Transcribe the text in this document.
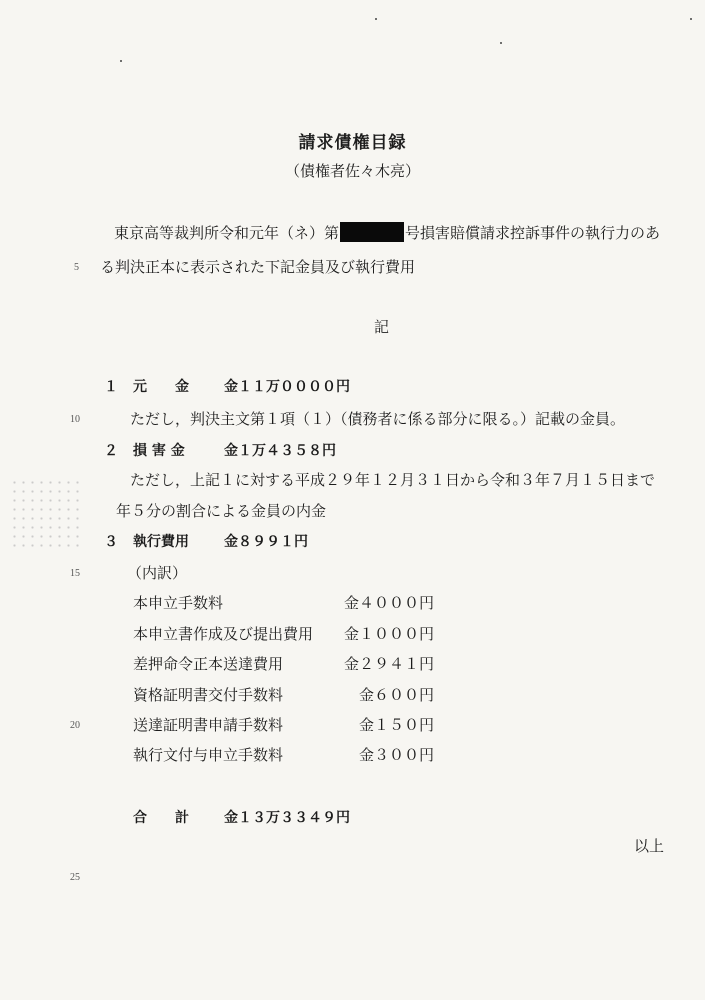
請求債権目録
（債権者佐々木亮）
東京高等裁判所令和元年（ネ）第	号損害賠償請求控訴事件の執行力のあ
る判決正本に表示された下記金員及び執行費用
記
１ 元　　金	金１１万００００円
ただし，判決主文第１項（１）（債務者に係る部分に限る。）記載の金員。
２ 損 害 金	金１万４３５８円
ただし，上記１に対する平成２９年１２月３１日から令和３年７月１５日まで
年５分の割合による金員の内金
３ 執行費用	金８９９１円
（内訳）
本申立手数料	金４０００円
本申立書作成及び提出費用	金１０００円
差押命令正本送達費用	金２９４１円
資格証明書交付手数料	金６００円
送達証明書申請手数料	金１５０円
執行文付与申立手数料	金３００円
合　　計	金１３万３３４９円
以上
5
10
15
20
25
